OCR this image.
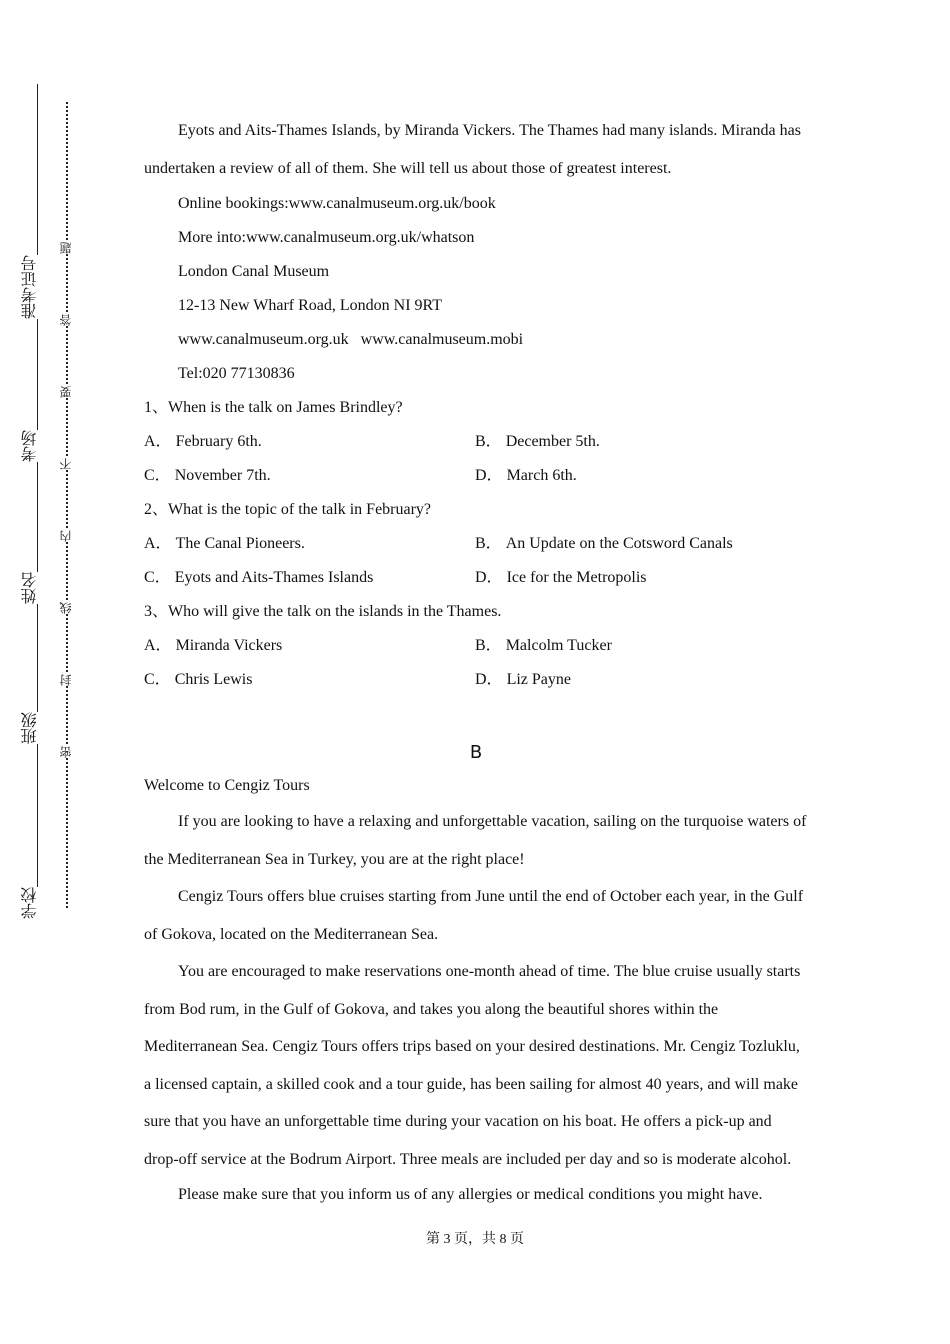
准考证号
考场
姓名
班级
学校
题
答
要
不
内
线
封
密

Eyots and Aits-Thames Islands, by Miranda Vickers. The Thames had many islands. Miranda has undertaken a review of all of them. She will tell us about those of greatest interest.

Online bookings:www.canalmuseum.org.uk/book

More into:www.canalmuseum.org.uk/whatson

London Canal Museum

12-13 New Wharf Road, London NI 9RT

www.canalmuseum.org.uk   www.canalmuseum.mobi

Tel:020 77130836

1、When is the talk on James Brindley?

A． February 6th.	B． December 5th.
C． November 7th.	D． March 6th.

2、What is the topic of the talk in February?

A． The Canal Pioneers.	B． An Update on the Cotsword Canals
C． Eyots and Aits-Thames Islands	D． Ice for the Metropolis

3、Who will give the talk on the islands in the Thames.

A． Miranda Vickers	B． Malcolm Tucker
C． Chris Lewis	D． Liz Payne

B

Welcome to Cengiz Tours

If you are looking to have a relaxing and unforgettable vacation, sailing on the turquoise waters of the Mediterranean Sea in Turkey, you are at the right place!

Cengiz Tours offers blue cruises starting from June until the end of October each year, in the Gulf of Gokova, located on the Mediterranean Sea.

You are encouraged to make reservations one-month ahead of time. The blue cruise usually starts from Bod rum, in the Gulf of Gokova, and takes you along the beautiful shores within the Mediterranean Sea. Cengiz Tours offers trips based on your desired destinations. Mr. Cengiz Tozluklu, a licensed captain, a skilled cook and a tour guide, has been sailing for almost 40 years, and will make sure that you have an unforgettable time during your vacation on his boat. He offers a pick-up and drop-off service at the Bodrum Airport. Three meals are included per day and so is moderate alcohol.

Please make sure that you inform us of any allergies or medical conditions you might have.

第 3 页，共 8 页
